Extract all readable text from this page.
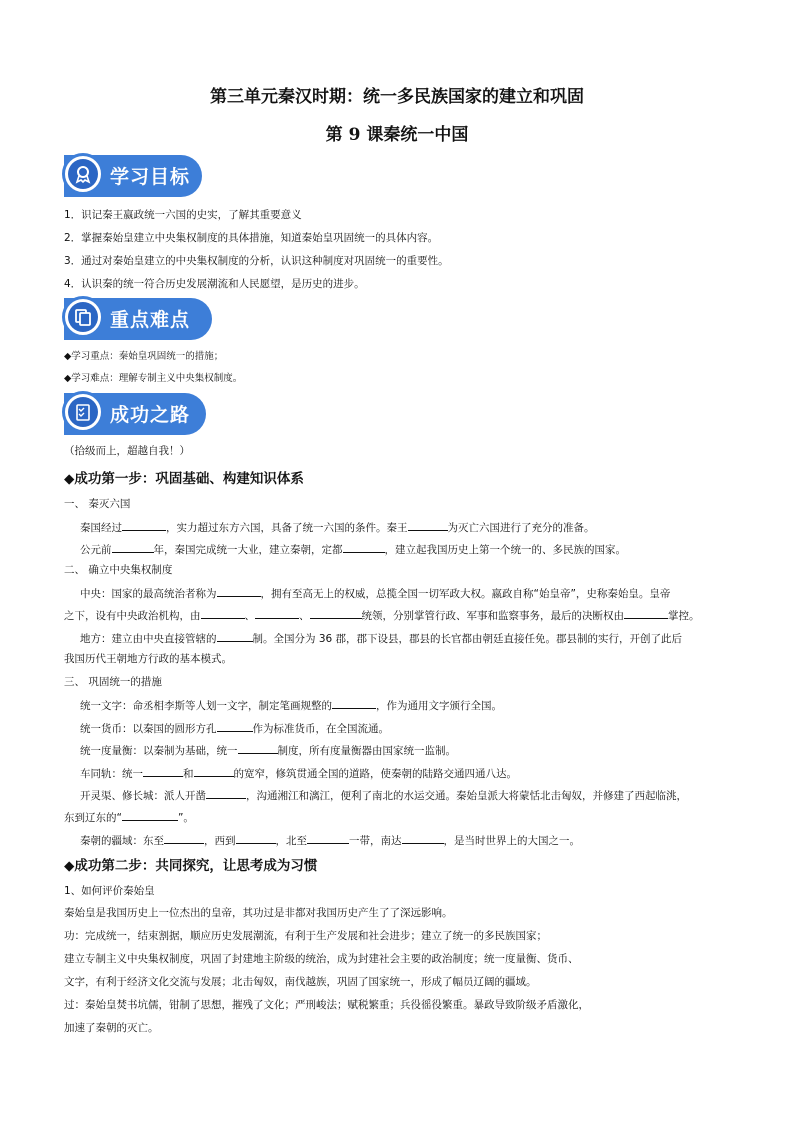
第三单元秦汉时期：统一多民族国家的建立和巩固
第 9 课秦统一中国
学习目标
1．识记秦王嬴政统一六国的史实，了解其重要意义
2．掌握秦始皇建立中央集权制度的具体措施，知道秦始皇巩固统一的具体内容。
3．通过对秦始皇建立的中央集权制度的分析，认识这种制度对巩固统一的重要性。
4．认识秦的统一符合历史发展潮流和人民愿望，是历史的进步。
重点难点
◆学习重点：秦始皇巩固统一的措施；
◆学习难点：理解专制主义中央集权制度。
成功之路
（拾级而上，超越自我！）
◆成功第一步：巩固基础、构建知识体系
一、 秦灭六国
秦国经过	，实力超过东方六国，具备了统一六国的条件。秦王	为灭亡六国进行了充分的准备。
公元前	年，秦国完成统一大业，建立秦朝，定都	，建立起我国历史上第一个统一的、多民族的国家。
二、 确立中央集权制度
中央：国家的最高统治者称为	，拥有至高无上的权威，总揽全国一切军政大权。嬴政自称“始皇帝”，史称秦始皇。皇帝
之下，设有中央政治机构，由	、	、	统领，分别掌管行政、军事和监察事务，最后的决断权由	掌控。
地方：建立由中央直接管辖的	制。全国分为 36 郡，郡下设县，郡县的长官都由朝廷直接任免。郡县制的实行，开创了此后
我国历代王朝地方行政的基本模式。
三、 巩固统一的措施
统一文字：命丞相李斯等人划一文字，制定笔画规整的	，作为通用文字颁行全国。
统一货币：以秦国的圆形方孔	作为标准货币，在全国流通。
统一度量衡：以秦制为基础，统一	制度，所有度量衡器由国家统一监制。
车同轨：统一	和	的宽窄，修筑贯通全国的道路，使秦朝的陆路交通四通八达。
开灵渠、修长城：派人开凿	，沟通湘江和漓江，便利了南北的水运交通。秦始皇派大将蒙恬北击匈奴，并修建了西起临洮，
东到辽东的“	”。
秦朝的疆域：东至	，西到	，北至	一带，南达	，是当时世界上的大国之一。
◆成功第二步：共同探究，让思考成为习惯
1、如何评价秦始皇
秦始皇是我国历史上一位杰出的皇帝，其功过是非都对我国历史产生了了深远影响。
功：完成统一，结束割据，顺应历史发展潮流，有利于生产发展和社会进步；建立了统一的多民族国家；
建立专制主义中央集权制度，巩固了封建地主阶级的统治，成为封建社会主要的政治制度；统一度量衡、货币、
文字，有利于经济文化交流与发展；北击匈奴，南伐越族，巩固了国家统一，形成了幅员辽阔的疆域。
过：秦始皇焚书坑儒，钳制了思想，摧残了文化；严刑峻法；赋税繁重；兵役徭役繁重。暴政导致阶级矛盾激化，
加速了秦朝的灭亡。
